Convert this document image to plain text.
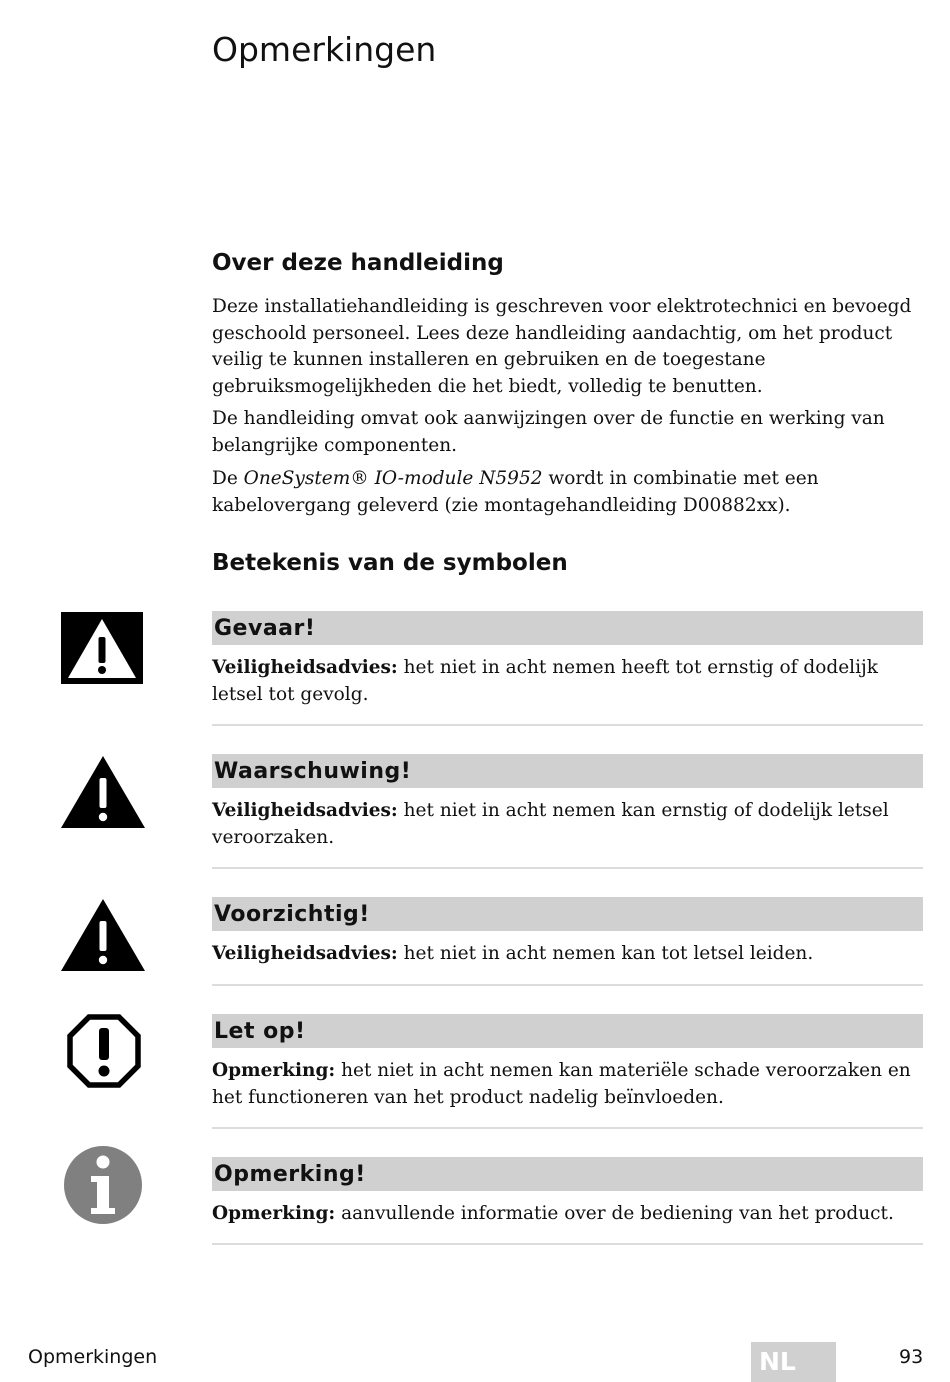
Opmerkingen
Over deze handleiding

Deze installatiehandleiding is geschreven voor elektrotechnici en bevoegd geschoold personeel. Lees deze handleiding aandachtig, om het product veilig te kunnen installeren en gebruiken en de toegestane gebruiksmogelijkheden die het biedt, volledig te benutten.

De handleiding omvat ook aanwijzingen over de functie en werking van belangrijke componenten.

De OneSystem® IO-module N5952 wordt in combinatie met een kabelovergang geleverd (zie montagehandleiding D00882xx).

Betekenis van de symbolen
Gevaar!

Veiligheidsadvies: het niet in acht nemen heeft tot ernstig of dodelijk letsel tot gevolg.

Waarschuwing!

Veiligheidsadvies: het niet in acht nemen kan ernstig of dodelijk letsel veroorzaken.

Voorzichtig!

Veiligheidsadvies: het niet in acht nemen kan tot letsel leiden.

Let op!

Opmerking: het niet in acht nemen kan materiële schade veroorzaken en het functioneren van het product nadelig beïnvloeden.

Opmerking!

Opmerking: aanvullende informatie over de bediening van het product.

Opmerkingen	NL	93
